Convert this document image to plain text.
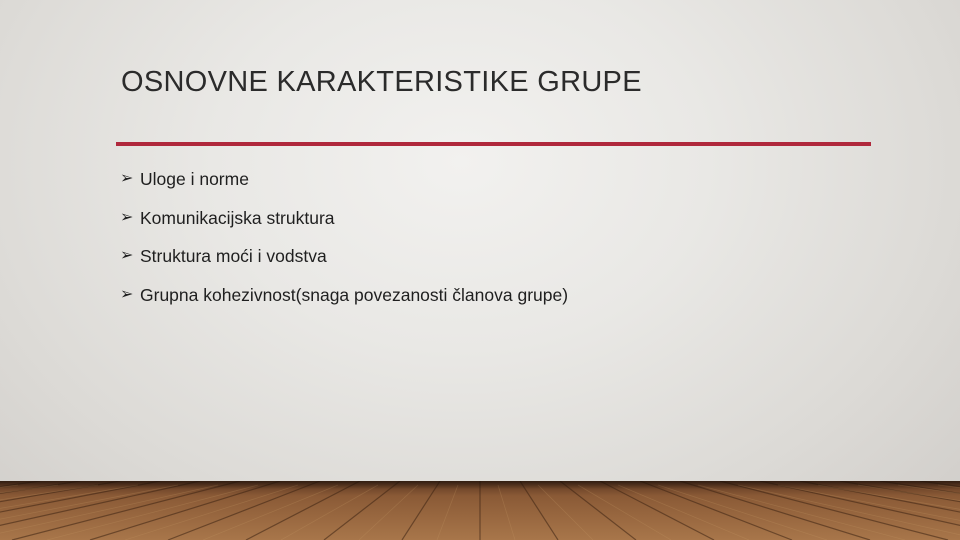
OSNOVNE KARAKTERISTIKE GRUPE
➢ Uloge i norme
➢ Komunikacijska struktura
➢ Struktura moći i vodstva
➢ Grupna kohezivnost(snaga povezanosti članova grupe)
